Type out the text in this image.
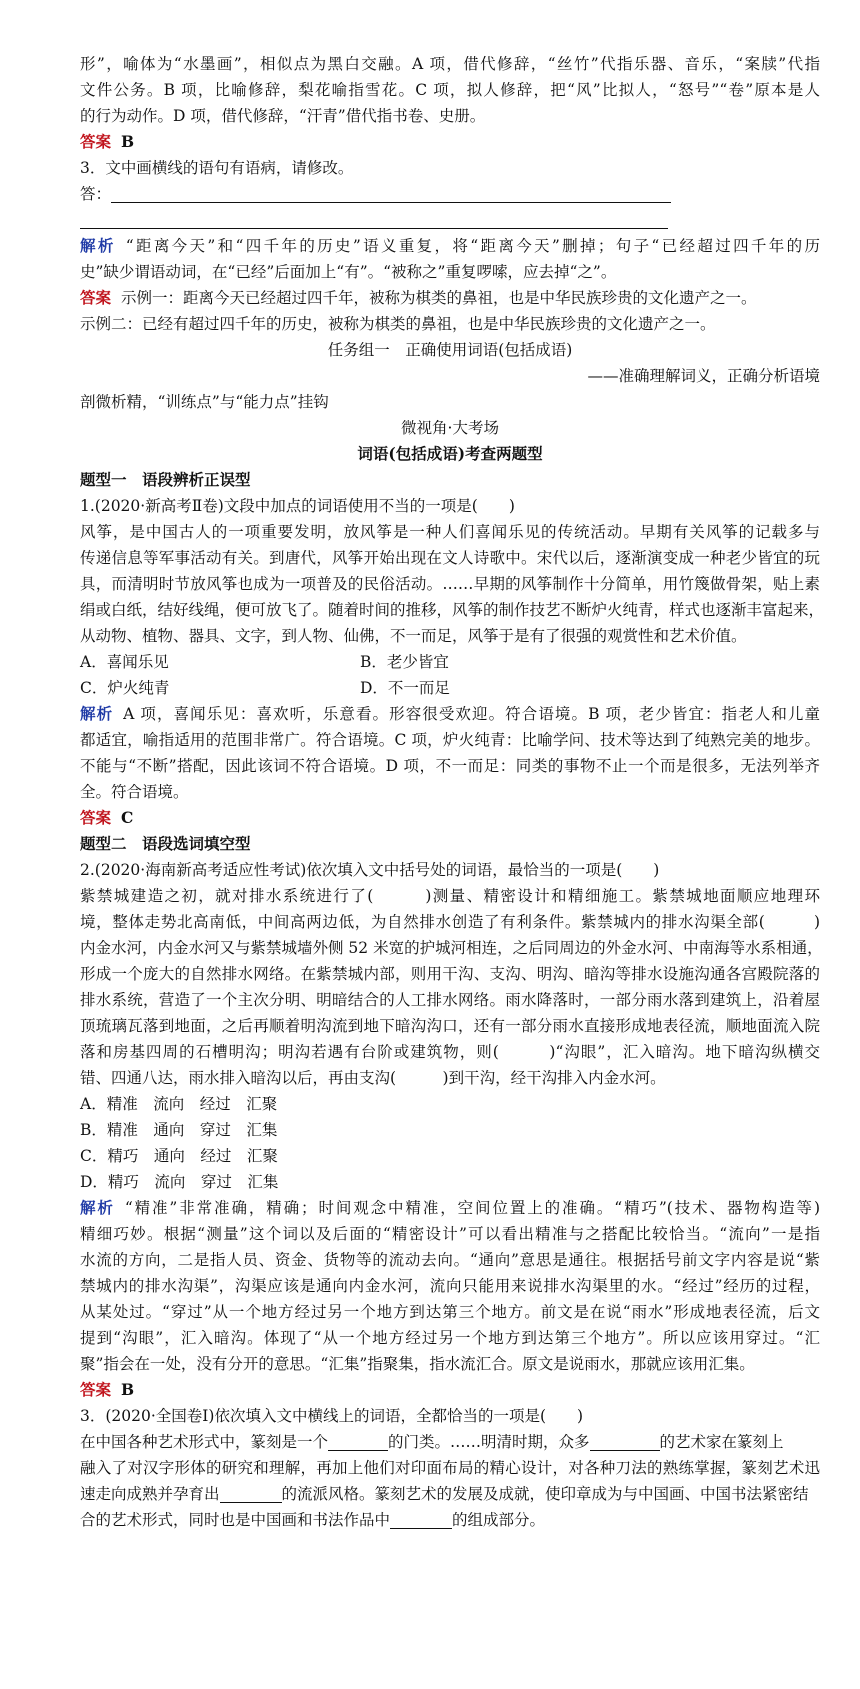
形”，喻体为“水墨画”，相似点为黑白交融。A 项，借代修辞，“丝竹”代指乐器、音乐，“案牍”代指
文件公务。B 项，比喻修辞，梨花喻指雪花。C 项，拟人修辞，把“风”比拟人，“怒号”“卷”原本是人
的行为动作。D 项，借代修辞，“汗青”借代指书卷、史册。
答案 B
3．文中画横线的语句有语病，请修改。
答：
解析 “距离今天”和“四千年的历史”语义重复，将“距离今天”删掉；句子“已经超过四千年的历
史”缺少谓语动词，在“已经”后面加上“有”。“被称之”重复啰嗦，应去掉“之”。
答案 示例一：距离今天已经超过四千年，被称为棋类的鼻祖，也是中华民族珍贵的文化遗产之一。
示例二：已经有超过四千年的历史，被称为棋类的鼻祖，也是中华民族珍贵的文化遗产之一。
任务组一　正确使用词语(包括成语)
——准确理解词义，正确分析语境
剖微析精，“训练点”与“能力点”挂钩
微视角·大考场
词语(包括成语)考查两题型
题型一　语段辨析正误型
1.(2020·新高考Ⅱ卷)文段中加点的词语使用不当的一项是(　　)
风筝，是中国古人的一项重要发明，放风筝是一种人们喜闻乐见的传统活动。早期有关风筝的记载多与
传递信息等军事活动有关。到唐代，风筝开始出现在文人诗歌中。宋代以后，逐渐演变成一种老少皆宜的玩
具，而清明时节放风筝也成为一项普及的民俗活动。……早期的风筝制作十分简单，用竹篾做骨架，贴上素
绢或白纸，结好线绳，便可放飞了。随着时间的推移，风筝的制作技艺不断炉火纯青，样式也逐渐丰富起来，
从动物、植物、器具、文字，到人物、仙佛，不一而足，风筝于是有了很强的观赏性和艺术价值。
A．喜闻乐见	B．老少皆宜
C．炉火纯青	D．不一而足
解析 A 项，喜闻乐见：喜欢听，乐意看。形容很受欢迎。符合语境。B 项，老少皆宜：指老人和儿童
都适宜，喻指适用的范围非常广。符合语境。C 项，炉火纯青：比喻学问、技术等达到了纯熟完美的地步。
不能与“不断”搭配，因此该词不符合语境。D 项，不一而足：同类的事物不止一个而是很多，无法列举齐
全。符合语境。
答案 C
题型二　语段选词填空型
2.(2020·海南新高考适应性考试)依次填入文中括号处的词语，最恰当的一项是(　　)
紫禁城建造之初，就对排水系统进行了(　　　)测量、精密设计和精细施工。紫禁城地面顺应地理环
境，整体走势北高南低，中间高两边低，为自然排水创造了有利条件。紫禁城内的排水沟渠全部(　　　)
内金水河，内金水河又与紫禁城墙外侧 52 米宽的护城河相连，之后同周边的外金水河、中南海等水系相通，
形成一个庞大的自然排水网络。在紫禁城内部，则用干沟、支沟、明沟、暗沟等排水设施沟通各宫殿院落的
排水系统，营造了一个主次分明、明暗结合的人工排水网络。雨水降落时，一部分雨水落到建筑上，沿着屋
顶琉璃瓦落到地面，之后再顺着明沟流到地下暗沟沟口，还有一部分雨水直接形成地表径流，顺地面流入院
落和房基四周的石槽明沟；明沟若遇有台阶或建筑物，则(　　　)“沟眼”，汇入暗沟。地下暗沟纵横交
错、四通八达，雨水排入暗沟以后，再由支沟(　　　)到干沟，经干沟排入内金水河。
A．精准　流向　经过　汇聚
B．精准　通向　穿过　汇集
C．精巧　通向　经过　汇聚
D．精巧　流向　穿过　汇集
解析 “精准”非常准确，精确；时间观念中精准，空间位置上的准确。“精巧”(技术、器物构造等)
精细巧妙。根据“测量”这个词以及后面的“精密设计”可以看出精准与之搭配比较恰当。“流向”一是指
水流的方向，二是指人员、资金、货物等的流动去向。“通向”意思是通往。根据括号前文字内容是说“紫
禁城内的排水沟渠”，沟渠应该是通向内金水河，流向只能用来说排水沟渠里的水。“经过”经历的过程，
从某处过。“穿过”从一个地方经过另一个地方到达第三个地方。前文是在说“雨水”形成地表径流，后文
提到“沟眼”，汇入暗沟。体现了“从一个地方经过另一个地方到达第三个地方”。所以应该用穿过。“汇
聚”指会在一处，没有分开的意思。“汇集”指聚集，指水流汇合。原文是说雨水，那就应该用汇集。
答案 B
3．(2020·全国卷Ⅰ)依次填入文中横线上的词语，全都恰当的一项是(　　)
在中国各种艺术形式中，篆刻是一个	的门类。……明清时期，众多	的艺术家在篆刻上
融入了对汉字形体的研究和理解，再加上他们对印面布局的精心设计，对各种刀法的熟练掌握，篆刻艺术迅
速走向成熟并孕育出	的流派风格。篆刻艺术的发展及成就，使印章成为与中国画、中国书法紧密结
合的艺术形式，同时也是中国画和书法作品中	的组成部分。
